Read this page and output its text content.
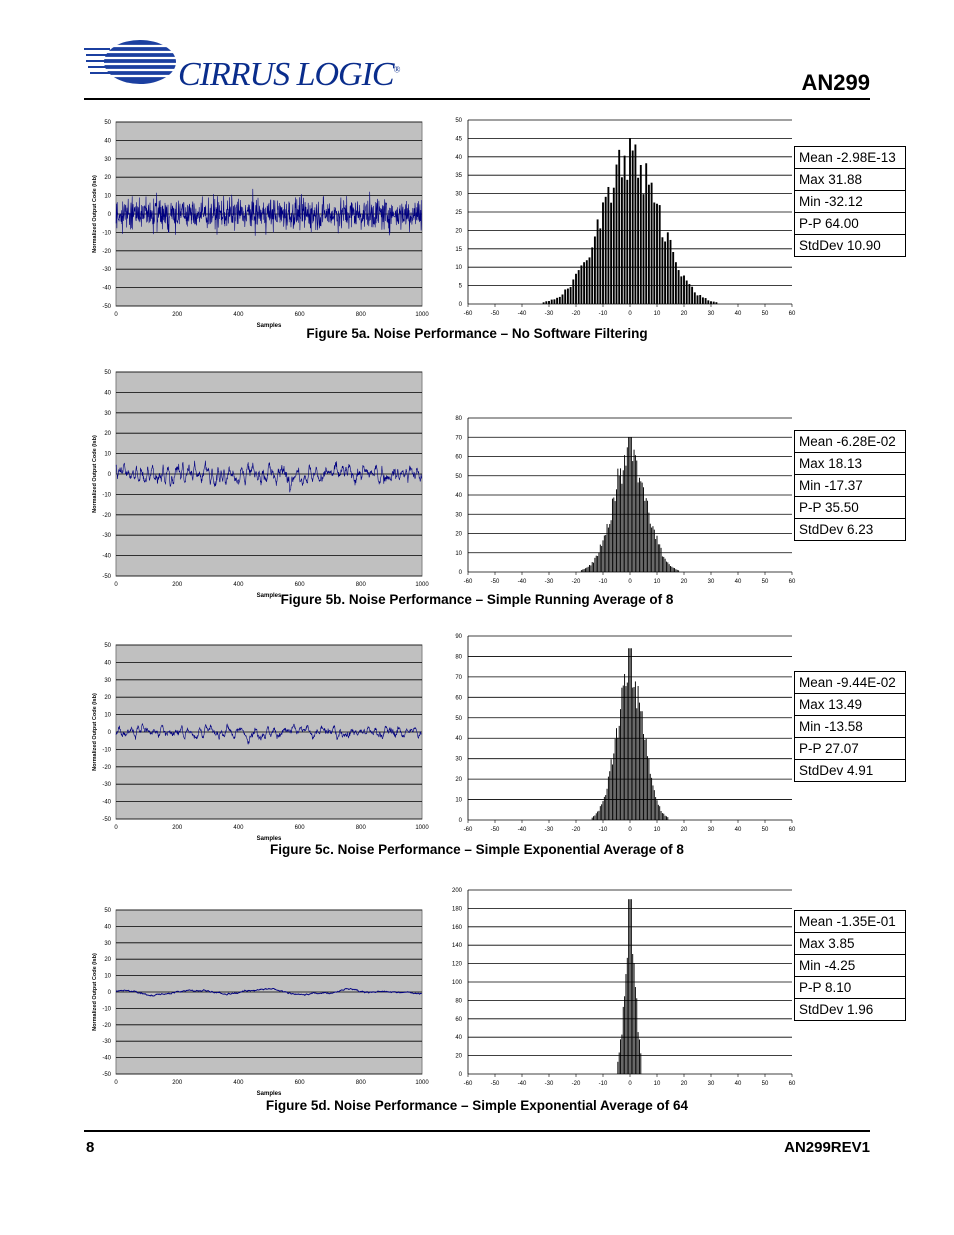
CIRRUS LOGIC®
AN299
50
40
30
20
10
0
-10
-20
-30
-40
-50
0	200	400	600	800	1000
Samples
Normalized Output Code (lsb)
50
45
40
35
30
25
20
15
10
5
0
-60	-50	-40	-30	-20	-10	0	10	20	30	40	50	60
Mean -2.98E-13
Max 31.88
Min -32.12
P-P 64.00
StdDev 10.90
Figure 5a. Noise Performance – No Software Filtering
50
40
30
20
10
0
-10
-20
-30
-40
-50
0	200	400	600	800	1000
Samples
Normalized Output Code (lsb)
80
70
60
50
40
30
20
10
0
-60	-50	-40	-30	-20	-10	0	10	20	30	40	50	60
Mean -6.28E-02
Max 18.13
Min -17.37
P-P 35.50
StdDev 6.23
Figure 5b. Noise Performance – Simple Running Average of 8
50
40
30
20
10
0
-10
-20
-30
-40
-50
0	200	400	600	800	1000
Samples
Normalized Output Code (lsb)
90
80
70
60
50
40
30
20
10
0
-60	-50	-40	-30	-20	-10	0	10	20	30	40	50	60
Mean -9.44E-02
Max 13.49
Min -13.58
P-P 27.07
StdDev 4.91
Figure 5c. Noise Performance – Simple Exponential Average of 8
50
40
30
20
10
0
-10
-20
-30
-40
-50
0	200	400	600	800	1000
Samples
Normalized Output Code (lsb)
200
180
160
140
120
100
80
60
40
20
0
-60	-50	-40	-30	-20	-10	0	10	20	30	40	50	60
Mean -1.35E-01
Max 3.85
Min -4.25
P-P 8.10
StdDev 1.96
Figure 5d. Noise Performance – Simple Exponential Average of 64
8	AN299REV1
